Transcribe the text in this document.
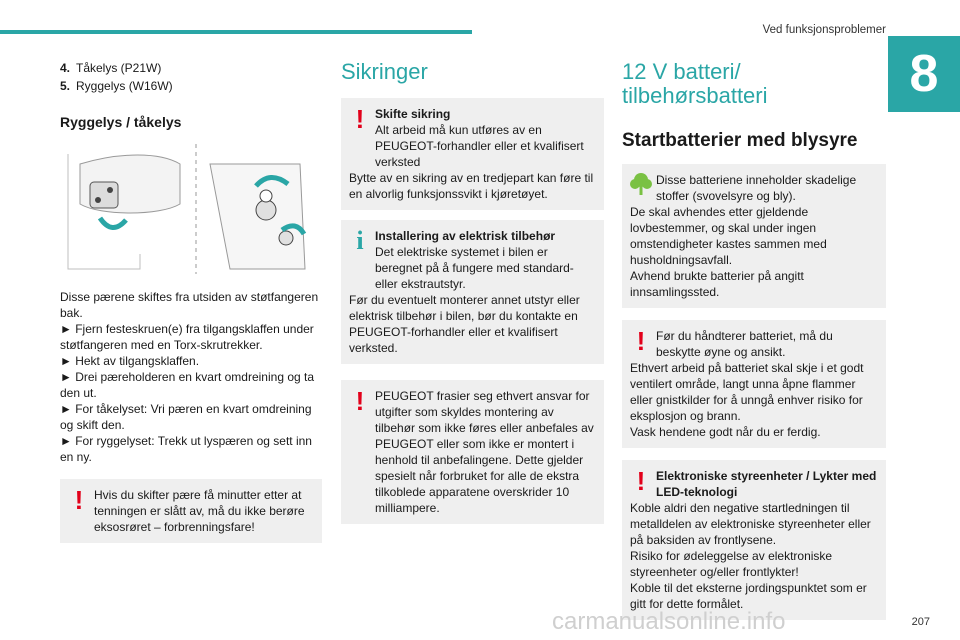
Ved funksjonsproblemer
8
4. Tåkelys (P21W)
5. Ryggelys (W16W)
Ryggelys / tåkelys
Disse pærene skiftes fra utsiden av støtfangeren bak.
► Fjern festeskruen(e) fra tilgangsklaffen under støtfangeren med en Torx-skrutrekker.
► Hekt av tilgangsklaffen.
► Drei pæreholderen en kvart omdreining og ta den ut.
► For tåkelyset: Vri pæren en kvart omdreining og skift den.
► For ryggelyset: Trekk ut lyspæren og sett inn en ny.
! Hvis du skifter pære få minutter etter at tenningen er slått av, må du ikke berøre eksosrøret – forbrenningsfare!
Sikringer
! Skifte sikring
Alt arbeid må kun utføres av en PEUGEOT-forhandler eller et kvalifisert verksted
Bytte av en sikring av en tredjepart kan føre til en alvorlig funksjonssvikt i kjøretøyet.
i Installering av elektrisk tilbehør
Det elektriske systemet i bilen er beregnet på å fungere med standard- eller ekstrautstyr.
Før du eventuelt monterer annet utstyr eller elektrisk tilbehør i bilen, bør du kontakte en PEUGEOT-forhandler eller et kvalifisert verksted.
! PEUGEOT frasier seg ethvert ansvar for utgifter som skyldes montering av tilbehør som ikke føres eller anbefales av PEUGEOT eller som ikke er montert i henhold til anbefalingene. Dette gjelder spesielt når forbruket for alle de ekstra tilkoblede apparatene overskrider 10 milliampere.
12 V batteri/ tilbehørsbatteri
Startbatterier med blysyre
Disse batteriene inneholder skadelige stoffer (svovelsyre og bly).
De skal avhendes etter gjeldende lovbestemmer, og skal under ingen omstendigheter kastes sammen med husholdningsavfall.
Avhend brukte batterier på angitt innsamlingssted.
! Før du håndterer batteriet, må du beskytte øyne og ansikt.
Ethvert arbeid på batteriet skal skje i et godt ventilert område, langt unna åpne flammer eller gnistkilder for å unngå enhver risiko for eksplosjon og brann.
Vask hendene godt når du er ferdig.
! Elektroniske styreenheter / Lykter med LED-teknologi
Koble aldri den negative startledningen til metalldelen av elektroniske styreenheter eller på baksiden av frontlysene.
Risiko for ødeleggelse av elektroniske styreenheter og/eller frontlykter!
Koble til det eksterne jordingspunktet som er gitt for dette formålet.
carmanualsonline.info	207
